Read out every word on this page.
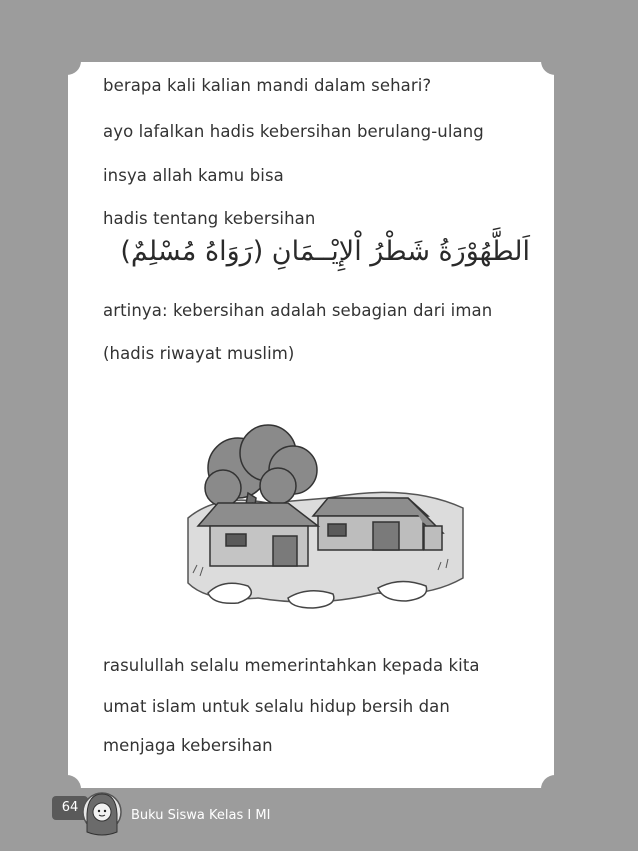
berapa kali kalian mandi dalam sehari?
ayo lafalkan hadis kebersihan berulang-ulang
insya allah kamu bisa
hadis tentang kebersihan
اَلطَّهُوْرَةُ شَطْرُ اْلإِيْــمَانِ (رَوَاهُ مُسْلِمٌ)
artinya: kebersihan adalah sebagian dari iman
(hadis riwayat muslim)
rasulullah selalu memerintahkan kepada kita
umat islam untuk selalu hidup bersih dan
menjaga kebersihan
64
Buku Siswa Kelas I MI
